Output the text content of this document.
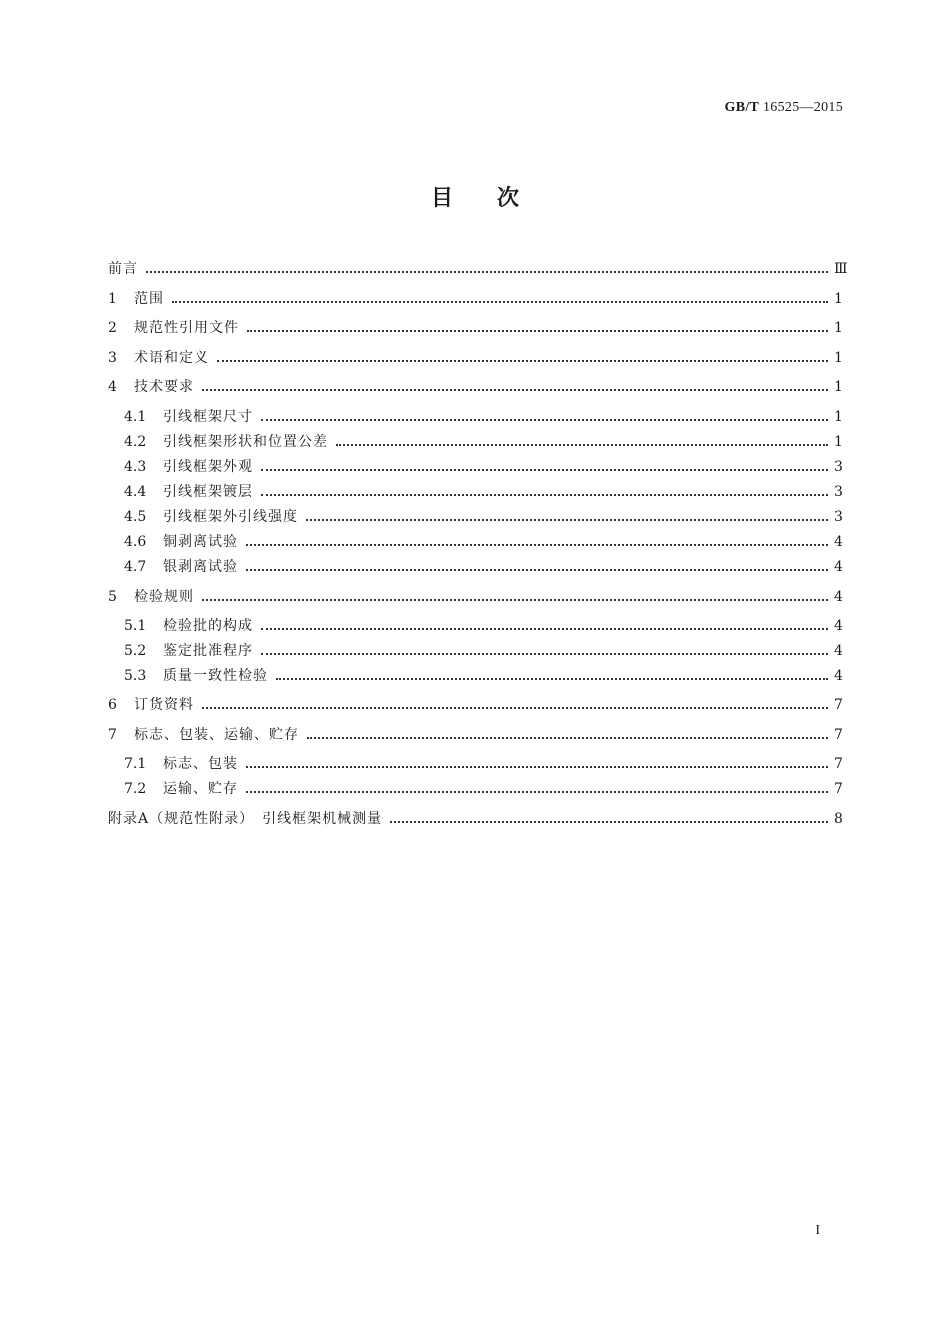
GB/T 16525—2015
目　　次
前言	Ⅲ
1	范围	1
2	规范性引用文件	1
3	术语和定义	1
4	技术要求	1
4.1	引线框架尺寸	1
4.2	引线框架形状和位置公差	1
4.3	引线框架外观	3
4.4	引线框架镀层	3
4.5	引线框架外引线强度	3
4.6	铜剥离试验	4
4.7	银剥离试验	4
5	检验规则	4
5.1	检验批的构成	4
5.2	鉴定批准程序	4
5.3	质量一致性检验	4
6	订货资料	7
7	标志、包装、运输、贮存	7
7.1	标志、包装	7
7.2	运输、贮存	7
附录A（规范性附录）　引线框架机械测量	8
I
